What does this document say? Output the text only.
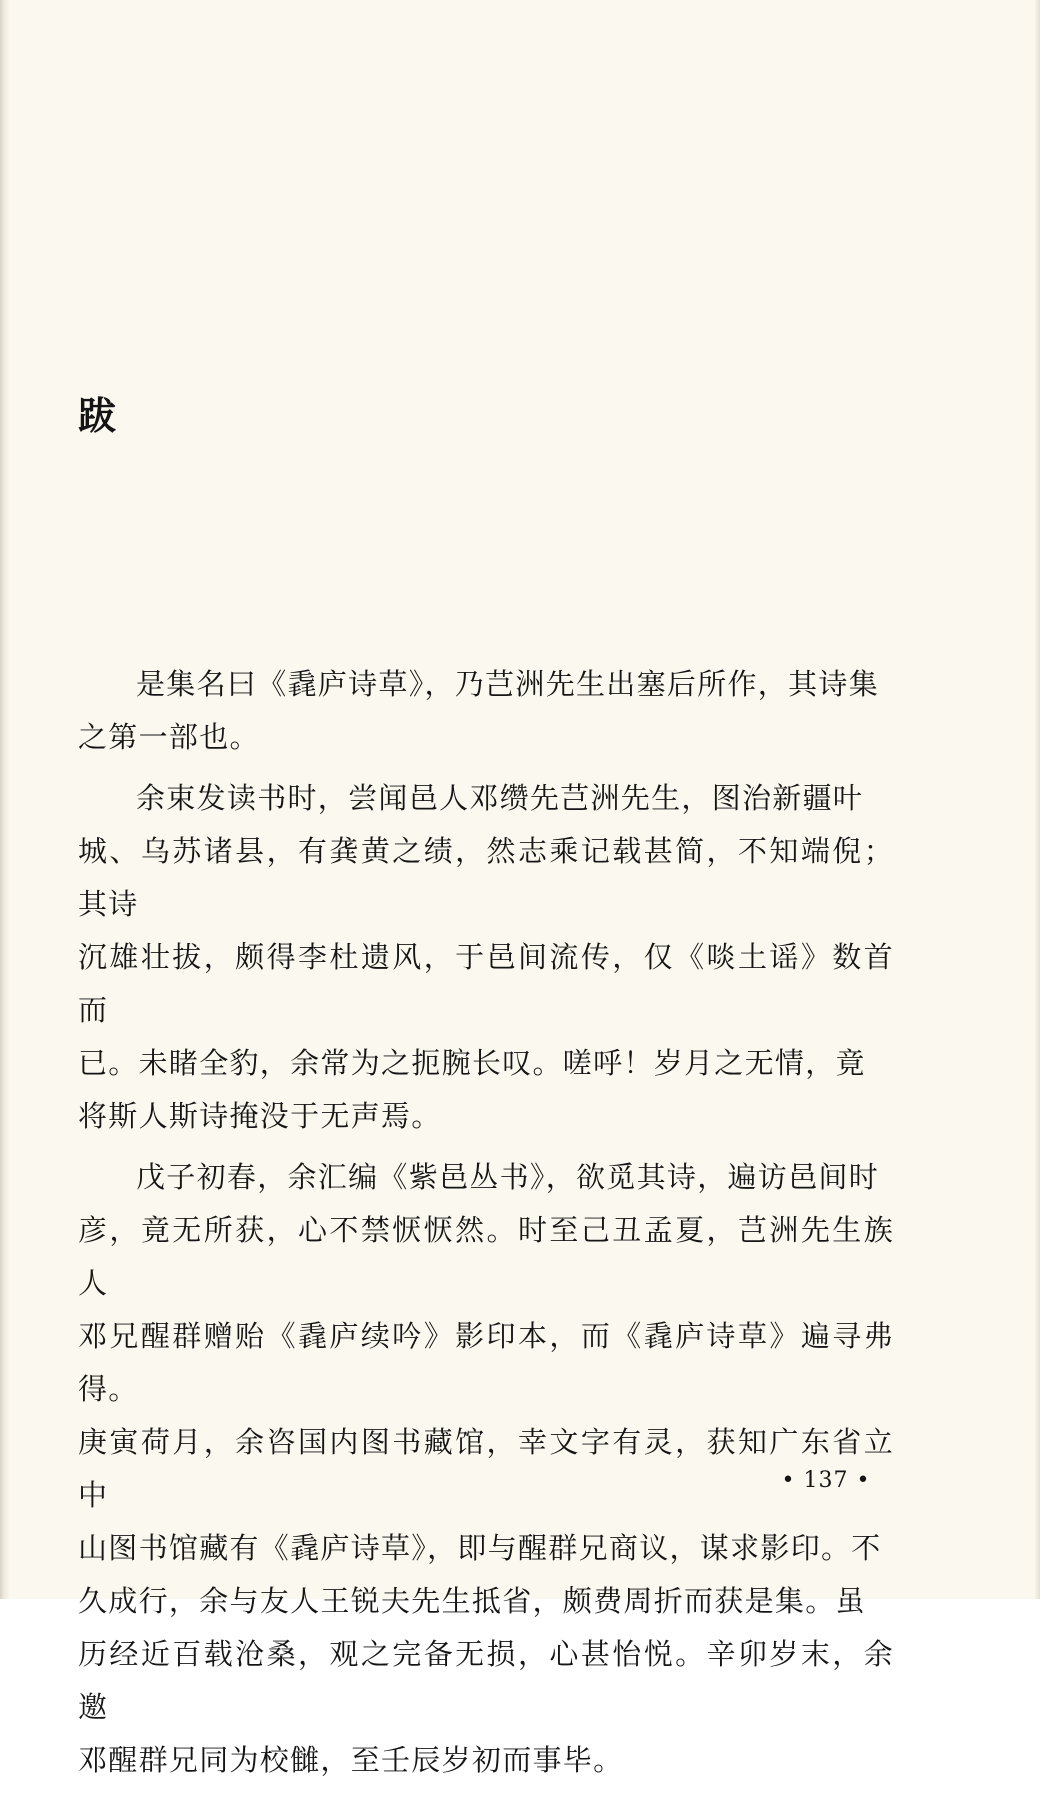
跋

是集名曰《毳庐诗草》，乃芑洲先生出塞后所作，其诗集
之第一部也。

余束发读书时，尝闻邑人邓缵先芑洲先生，图治新疆叶
城、乌苏诸县，有龚黄之绩，然志乘记载甚简，不知端倪；其诗
沉雄壮拔，颇得李杜遗风，于邑间流传，仅《啖土谣》数首而
已。未睹全豹，余常为之扼腕长叹。嗟呼！岁月之无情，竟
将斯人斯诗掩没于无声焉。

戊子初春，余汇编《紫邑丛书》，欲觅其诗，遍访邑间时
彦，竟无所获，心不禁恹恹然。时至己丑孟夏，芑洲先生族人
邓兄醒群赠贻《毳庐续吟》影印本，而《毳庐诗草》遍寻弗得。
庚寅荷月，余咨国内图书藏馆，幸文字有灵，获知广东省立中
山图书馆藏有《毳庐诗草》，即与醒群兄商议，谋求影印。不
久成行，余与友人王锐夫先生抵省，颇费周折而获是集。虽
历经近百载沧桑，观之完备无损，心甚怡悦。辛卯岁末，余邀
邓醒群兄同为校雠，至壬辰岁初而事毕。

• 137 •
